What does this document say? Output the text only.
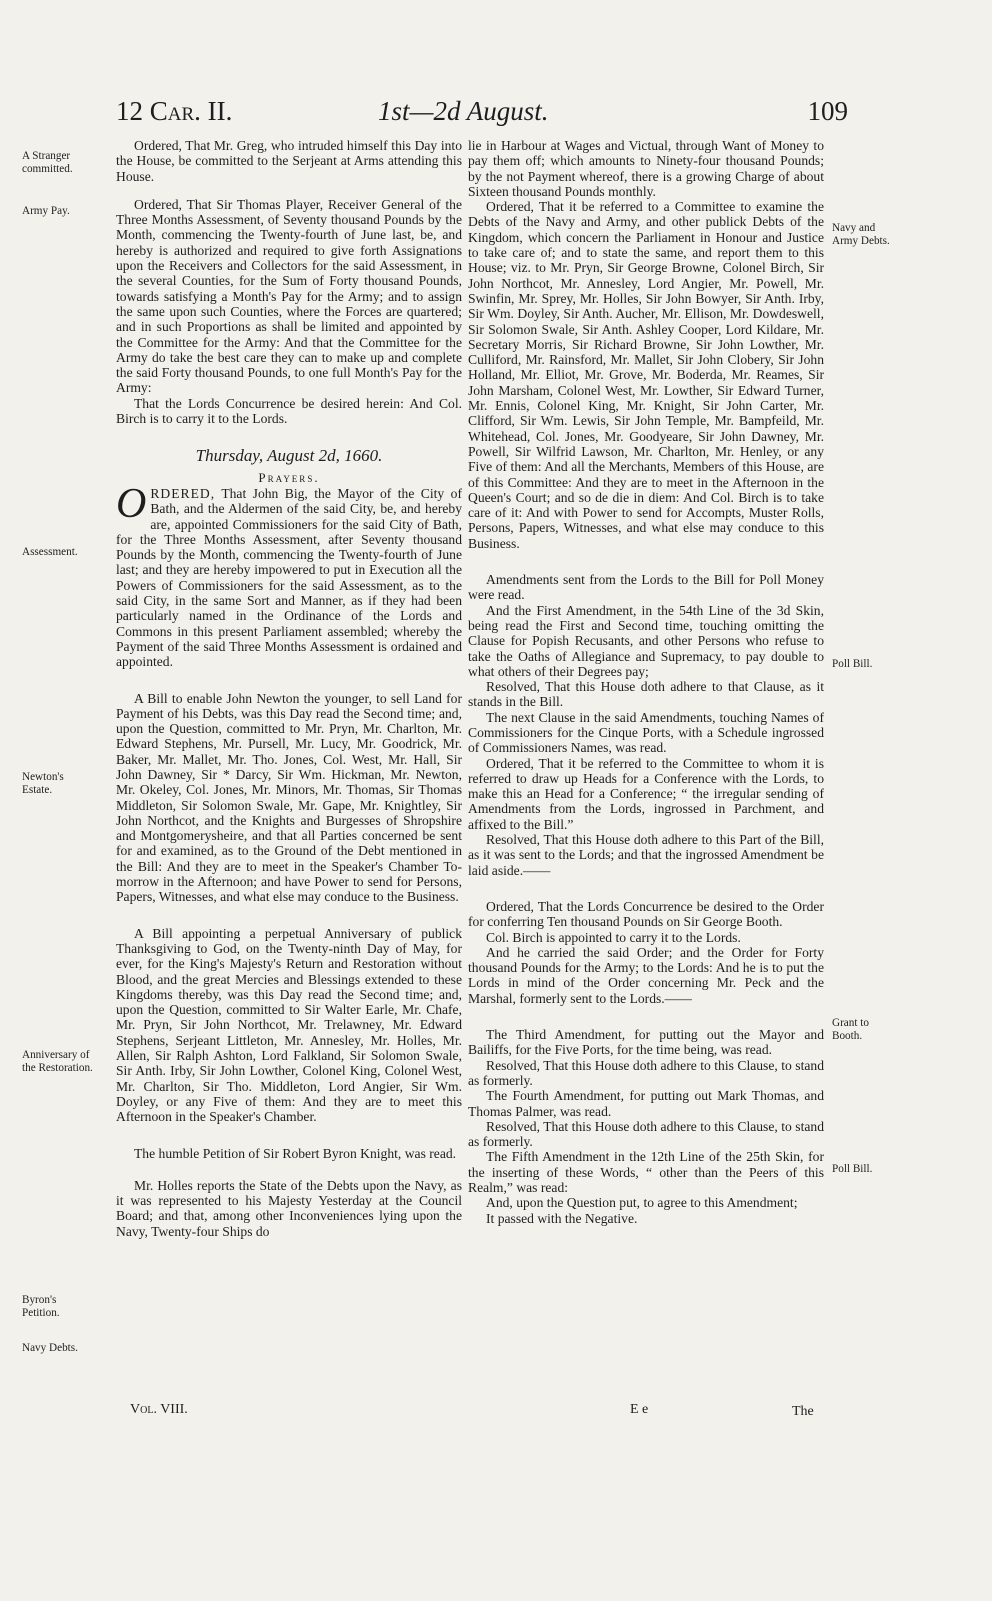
12 Car. II.	1st—2d August.	109
A Stranger committed.
Army Pay.
Assessment.
Newton's Estate.
Anniversary of the Restoration.
Byron's Petition.
Navy Debts.
Navy and Army Debts.
Poll Bill.
Grant to Booth.
Poll Bill.

Ordered, That Mr. Greg, who intruded himself this Day into the House, be committed to the Serjeant at Arms attending this House.

Ordered, That Sir Thomas Player, Receiver General of the Three Months Assessment, of Seventy thousand Pounds by the Month, commencing the Twenty-fourth of June last, be, and hereby is authorized and required to give forth Assignations upon the Receivers and Collectors for the said Assessment, in the several Counties, for the Sum of Forty thousand Pounds, towards satisfying a Month's Pay for the Army; and to assign the same upon such Counties, where the Forces are quartered; and in such Proportions as shall be limited and appointed by the Committee for the Army: And that the Committee for the Army do take the best care they can to make up and complete the said Forty thousand Pounds, to one full Month's Pay for the Army:

That the Lords Concurrence be desired herein: And Col. Birch is to carry it to the Lords.

Thursday, August 2d, 1660.
Prayers.

ORDERED, That John Big, the Mayor of the City of Bath, and the Aldermen of the said City, be, and hereby are, appointed Commissioners for the said City of Bath, for the Three Months Assessment, after Seventy thousand Pounds by the Month, commencing the Twenty-fourth of June last; and they are hereby impowered to put in Execution all the Powers of Commissioners for the said Assessment, as to the said City, in the same Sort and Manner, as if they had been particularly named in the Ordinance of the Lords and Commons in this present Parliament assembled; whereby the Payment of the said Three Months Assessment is ordained and appointed.

A Bill to enable John Newton the younger, to sell Land for Payment of his Debts, was this Day read the Second time; and, upon the Question, committed to Mr. Pryn, Mr. Charlton, Mr. Edward Stephens, Mr. Pursell, Mr. Lucy, Mr. Goodrick, Mr. Baker, Mr. Mallet, Mr. Tho. Jones, Col. West, Mr. Hall, Sir John Dawney, Sir * Darcy, Sir Wm. Hickman, Mr. Newton, Mr. Okeley, Col. Jones, Mr. Minors, Mr. Thomas, Sir Thomas Middleton, Sir Solomon Swale, Mr. Gape, Mr. Knightley, Sir John Northcot, and the Knights and Burgesses of Shropshire and Montgomerysheire, and that all Parties concerned be sent for and examined, as to the Ground of the Debt mentioned in the Bill: And they are to meet in the Speaker's Chamber To-morrow in the Afternoon; and have Power to send for Persons, Papers, Witnesses, and what else may conduce to the Business.

A Bill appointing a perpetual Anniversary of publick Thanksgiving to God, on the Twenty-ninth Day of May, for ever, for the King's Majesty's Return and Restoration without Blood, and the great Mercies and Blessings extended to these Kingdoms thereby, was this Day read the Second time; and, upon the Question, committed to Sir Walter Earle, Mr. Chafe, Mr. Pryn, Sir John Northcot, Mr. Trelawney, Mr. Edward Stephens, Serjeant Littleton, Mr. Annesley, Mr. Holles, Mr. Allen, Sir Ralph Ashton, Lord Falkland, Sir Solomon Swale, Sir Anth. Irby, Sir John Lowther, Colonel King, Colonel West, Mr. Charlton, Sir Tho. Middleton, Lord Angier, Sir Wm. Doyley, or any Five of them: And they are to meet this Afternoon in the Speaker's Chamber.

The humble Petition of Sir Robert Byron Knight, was read.

Mr. Holles reports the State of the Debts upon the Navy, as it was represented to his Majesty Yesterday at the Council Board; and that, among other Inconveniences lying upon the Navy, Twenty-four Ships do

lie in Harbour at Wages and Victual, through Want of Money to pay them off; which amounts to Ninety-four thousand Pounds; by the not Payment whereof, there is a growing Charge of about Sixteen thousand Pounds monthly.

Ordered, That it be referred to a Committee to examine the Debts of the Navy and Army, and other publick Debts of the Kingdom, which concern the Parliament in Honour and Justice to take care of; and to state the same, and report them to this House; viz. to Mr. Pryn, Sir George Browne, Colonel Birch, Sir John Northcot, Mr. Annesley, Lord Angier, Mr. Powell, Mr. Swinfin, Mr. Sprey, Mr. Holles, Sir John Bowyer, Sir Anth. Irby, Sir Wm. Doyley, Sir Anth. Aucher, Mr. Ellison, Mr. Dowdeswell, Sir Solomon Swale, Sir Anth. Ashley Cooper, Lord Kildare, Mr. Secretary Morris, Sir Richard Browne, Sir John Lowther, Mr. Culliford, Mr. Rainsford, Mr. Mallet, Sir John Clobery, Sir John Holland, Mr. Elliot, Mr. Grove, Mr. Boderda, Mr. Reames, Sir John Marsham, Colonel West, Mr. Lowther, Sir Edward Turner, Mr. Ennis, Colonel King, Mr. Knight, Sir John Carter, Mr. Clifford, Sir Wm. Lewis, Sir John Temple, Mr. Bampfeild, Mr. Whitehead, Col. Jones, Mr. Goodyeare, Sir John Dawney, Mr. Powell, Sir Wilfrid Lawson, Mr. Charlton, Mr. Henley, or any Five of them: And all the Merchants, Members of this House, are of this Committee: And they are to meet in the Afternoon in the Queen's Court; and so de die in diem: And Col. Birch is to take care of it: And with Power to send for Accompts, Muster Rolls, Persons, Papers, Witnesses, and what else may conduce to this Business.

Amendments sent from the Lords to the Bill for Poll Money were read.

And the First Amendment, in the 54th Line of the 3d Skin, being read the First and Second time, touching omitting the Clause for Popish Recusants, and other Persons who refuse to take the Oaths of Allegiance and Supremacy, to pay double to what others of their Degrees pay;

Resolved, That this House doth adhere to that Clause, as it stands in the Bill.

The next Clause in the said Amendments, touching Names of Commissioners for the Cinque Ports, with a Schedule ingrossed of Commissioners Names, was read.

Ordered, That it be referred to the Committee to whom it is referred to draw up Heads for a Conference with the Lords, to make this an Head for a Conference; “ the irregular sending of Amendments from the Lords, ingrossed in Parchment, and affixed to the Bill.”

Resolved, That this House doth adhere to this Part of the Bill, as it was sent to the Lords; and that the ingrossed Amendment be laid aside.——

Ordered, That the Lords Concurrence be desired to the Order for conferring Ten thousand Pounds on Sir George Booth.

Col. Birch is appointed to carry it to the Lords.

And he carried the said Order; and the Order for Forty thousand Pounds for the Army; to the Lords: And he is to put the Lords in mind of the Order concerning Mr. Peck and the Marshal, formerly sent to the Lords.——

The Third Amendment, for putting out the Mayor and Bailiffs, for the Five Ports, for the time being, was read.

Resolved, That this House doth adhere to this Clause, to stand as formerly.

The Fourth Amendment, for putting out Mark Thomas, and Thomas Palmer, was read.

Resolved, That this House doth adhere to this Clause, to stand as formerly.

The Fifth Amendment in the 12th Line of the 25th Skin, for the inserting of these Words, “ other than the Peers of this Realm,” was read:

And, upon the Question put, to agree to this Amendment;

It passed with the Negative.

Vol. VIII.	E e	The
